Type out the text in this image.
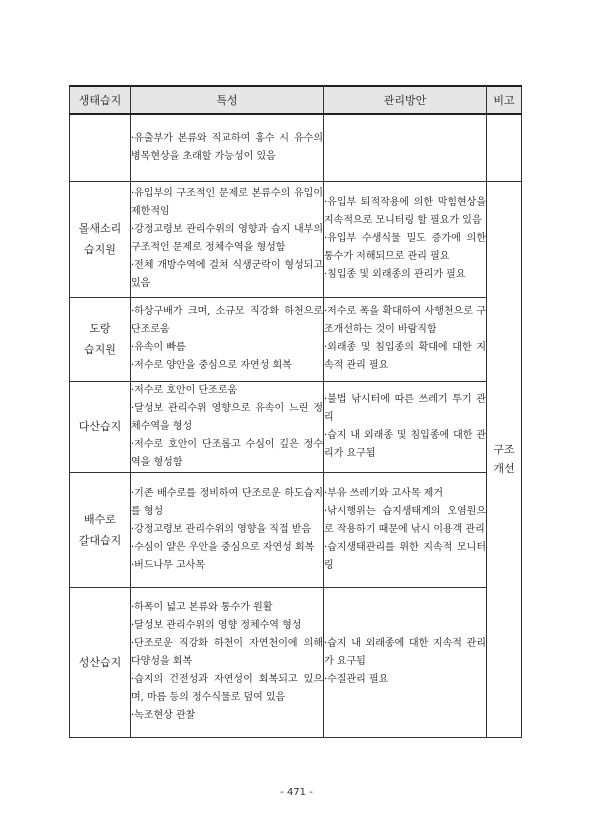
생태습지	특성	관리방안	비고

	·유출부가 본류와 직교하여 홍수 시 유수의 병목현상을 초래할 가능성이 있음		

몰새소리
습지원	·유입부의 구조적인 문제로 본류수의 유입이 제한적임
·강정고령보 관리수위의 영향과 습지 내부의 구조적인 문제로 정체수역을 형성함
·전체 개방수역에 걸쳐 식생군락이 형성되고 있음	·유입부 퇴적작용에 의한 막힘현상을 지속적으로 모니터링 할 필요가 있음
·유입부 수생식물 밀도 증가에 의한 통수가 저해되므로 관리 필요
·침입종 및 외래종의 관리가 필요	구조
개선

도랑
습지원	·하상구배가 크며, 소규모 직강화 하천으로 단조로움
·유속이 빠름
·저수로 양안을 중심으로 자연성 회복	·저수로 폭을 확대하여 사행천으로 구조개선하는 것이 바람직함
·외래종 및 침입종의 확대에 대한 지속적 관리 필요	

다산습지	·저수로 호안이 단조로움
·달성보 관리수위 영향으로 유속이 느린 정체수역을 형성
·저수로 호안이 단조롭고 수심이 깊은 정수역을 형성함	·불법 낚시터에 따른 쓰레기 투기 관리
·습지 내 외래종 및 침입종에 대한 관리가 요구됨	

배수로
갈대습지	·기존 배수로를 정비하여 단조로운 하도습지를 형성
·강정고령보 관리수위의 영향을 직접 받음
·수심이 얕은 우안을 중심으로 자연성 회복
·버드나무 고사목	·부유 쓰레기와 고사목 제거
·낚시행위는 습지생태계의 오염원으로 작용하기 때문에 낚시 이용객 관리
·습지생태관리를 위한 지속적 모니터링	

성산습지	·하폭이 넓고 본류와 통수가 원활
·달성보 관리수위의 영향 정체수역 형성
·단조로운 직강화 하천이 자연천이에 의해 다양성을 회복
·습지의 건전성과 자연성이 회복되고 있으며, 마름 등의 정수식물로 덮여 있음
·녹조현상 관찰	·습지 내 외래종에 대한 지속적 관리가 요구됨
·수질관리 필요	
- 471 -
